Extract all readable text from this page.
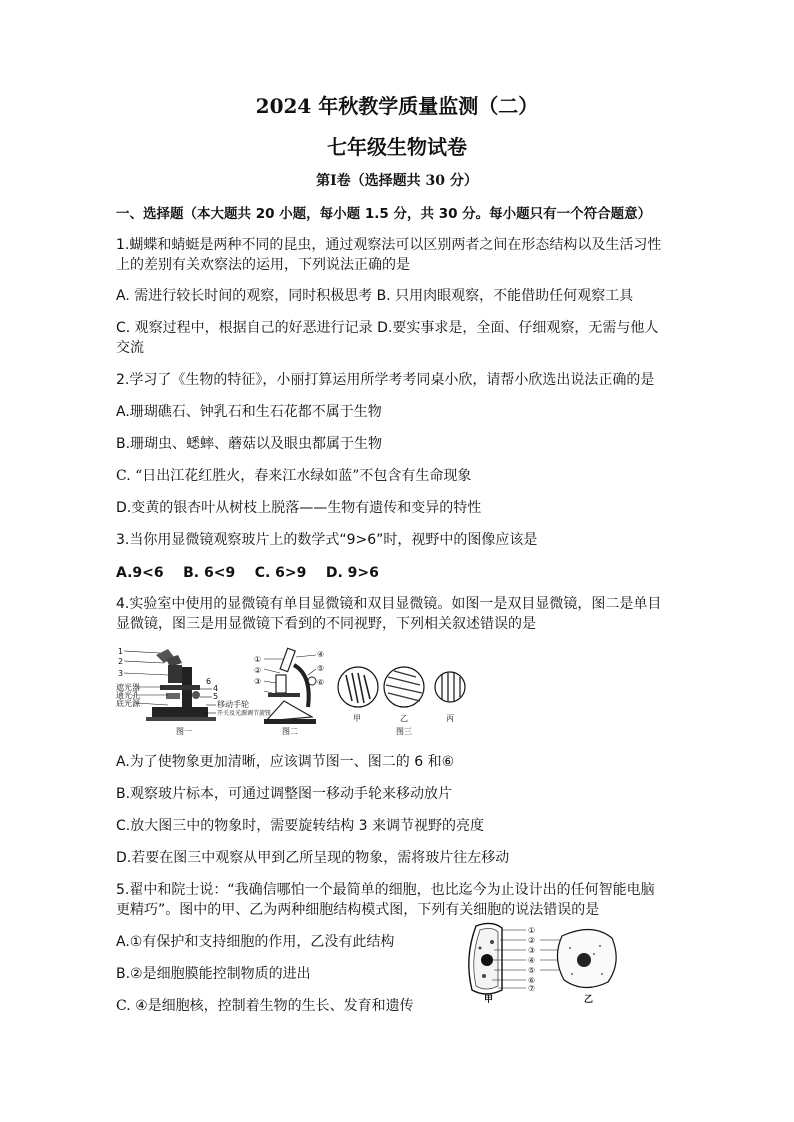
2024 年秋教学质量监测（二）
七年级生物试卷
第Ⅰ卷（选择题共 30 分）
一、选择题（本大题共 20 小题，每小题 1.5 分，共 30 分。每小题只有一个符合题意）
1.蝴蝶和蜻蜓是两种不同的昆虫，通过观察法可以区别两者之间在形态结构以及生活习性
上的差别有关欢察法的运用，下列说法正确的是
A. 需进行较长时间的观察，同时积极思考 B. 只用肉眼观察，不能借助任何观察工具
C. 观察过程中，根据自己的好恶进行记录 D.要实事求是，全面、仔细观察，无需与他人
交流
2.学习了《生物的特征》，小丽打算运用所学考考同桌小欣，请帮小欣选出说法正确的是
A.珊瑚礁石、钟乳石和生石花都不属于生物
B.珊瑚虫、蟋蟀、蘑菇以及眼虫都属于生物
C. “日出江花红胜火，春来江水绿如蓝”不包含有生命现象
D.变黄的银杏叶从树枝上脱落——生物有遗传和变异的特性
3.当你用显微镜观察玻片上的数学式“9>6”时，视野中的图像应该是
A.9<6    B. 6<9    C. 6>9    D. 9>6
4.实验室中使用的显微镜有单目显微镜和双目显微镜。如图一是双目显微镜，图二是单目
显微镜，图三是用显微镜下看到的不同视野，下列相关叙述错误的是
1
2
3
4
5
遮光器
通光孔
底光源	移动手轮
开关及光源调节旋钮
6
图一
①
②
③
④
⑤
⑥
图二
甲	乙	丙
图三
A.为了使物象更加清晰，应该调节图一、图二的 6 和⑥
B.观察玻片标本，可通过调整图一移动手轮来移动放片
C.放大图三中的物象时，需要旋转结构 3 来调节视野的亮度
D.若要在图三中观察从甲到乙所呈现的物象，需将玻片往左移动
5.翟中和院士说：“我确信哪怕一个最简单的细胞，也比迄今为止设计出的任何智能电脑
更精巧”。图中的甲、乙为两种细胞结构模式图，下列有关细胞的说法错误的是
A.①有保护和支持细胞的作用，乙没有此结构
B.②是细胞膜能控制物质的进出
C. ④是细胞核，控制着生物的生长、发育和遗传
①
②
③
④
⑤
⑥
⑦
甲	乙
